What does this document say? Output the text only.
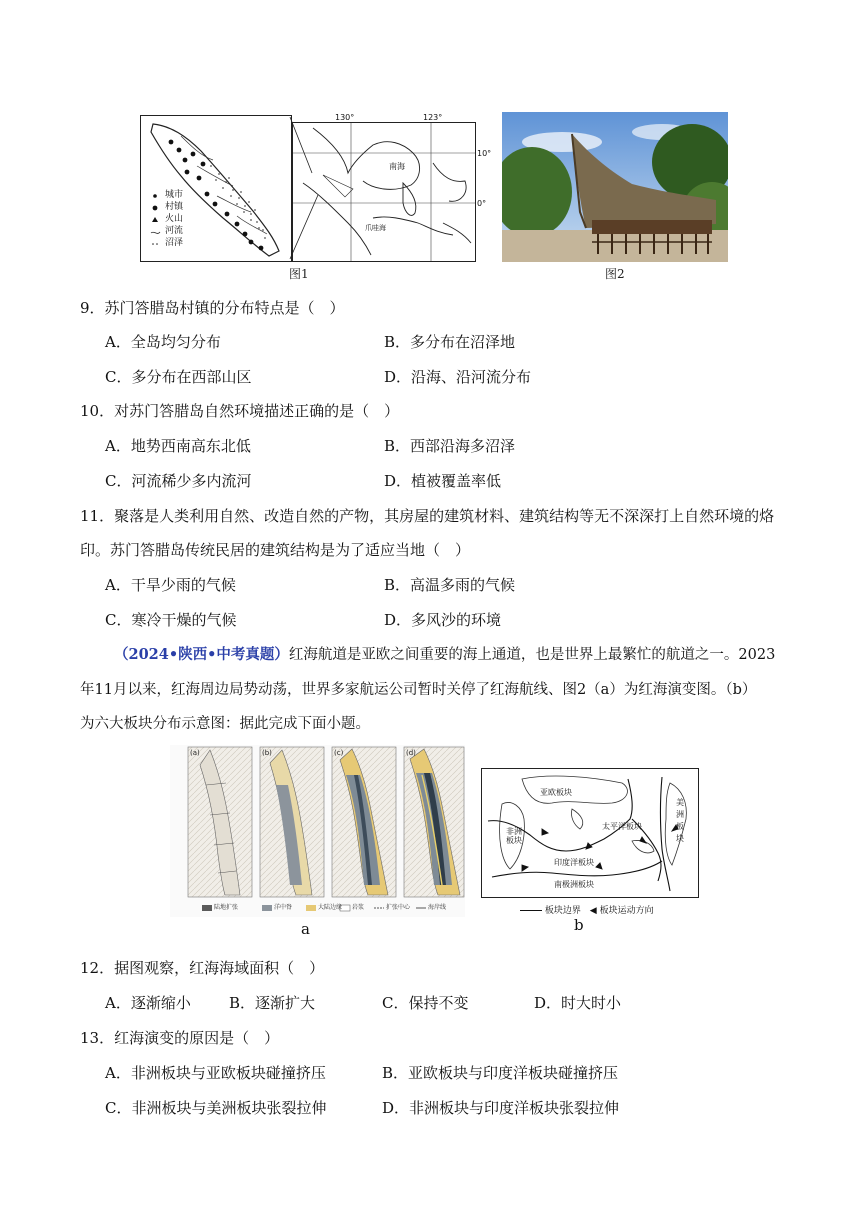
城市
村镇
火山
河流
沼泽
130°	123°
10°
0°
南海
爪哇海
图1	图2
9．苏门答腊岛村镇的分布特点是（　）
A．全岛均匀分布	B．多分布在沼泽地
C．多分布在西部山区	D．沿海、沿河流分布
10．对苏门答腊岛自然环境描述正确的是（　）
A．地势西南高东北低	B．西部沿海多沼泽
C．河流稀少多内流河	D．植被覆盖率低
11．聚落是人类利用自然、改造自然的产物，其房屋的建筑材料、建筑结构等无不深深打上自然环境的烙
印。苏门答腊岛传统民居的建筑结构是为了适应当地（　）
A．干旱少雨的气候	B．高温多雨的气候
C．寒冷干燥的气候	D．多风沙的环境
（2024•陕西•中考真题）红海航道是亚欧之间重要的海上通道，也是世界上最繁忙的航道之一。2023
年11月以来，红海周边局势动荡，世界多家航运公司暂时关停了红海航线、图2（a）为红海演变图。（b）
为六大板块分布示意图：据此完成下面小题。
(a)	(b)	(c)	(d)
陆地扩张	洋中脊	大陆边缘 岩浆	扩张中心	海岸线
a
亚欧板块
非洲板块
印度洋板块
太平洋板块
南极洲板块
美洲板块
板块边界 ◀ 板块运动方向
b
12．据图观察，红海海域面积（　）
A．逐渐缩小	B．逐渐扩大	C．保持不变	D．时大时小
13．红海演变的原因是（　）
A．非洲板块与亚欧板块碰撞挤压	B．亚欧板块与印度洋板块碰撞挤压
C．非洲板块与美洲板块张裂拉伸	D．非洲板块与印度洋板块张裂拉伸
